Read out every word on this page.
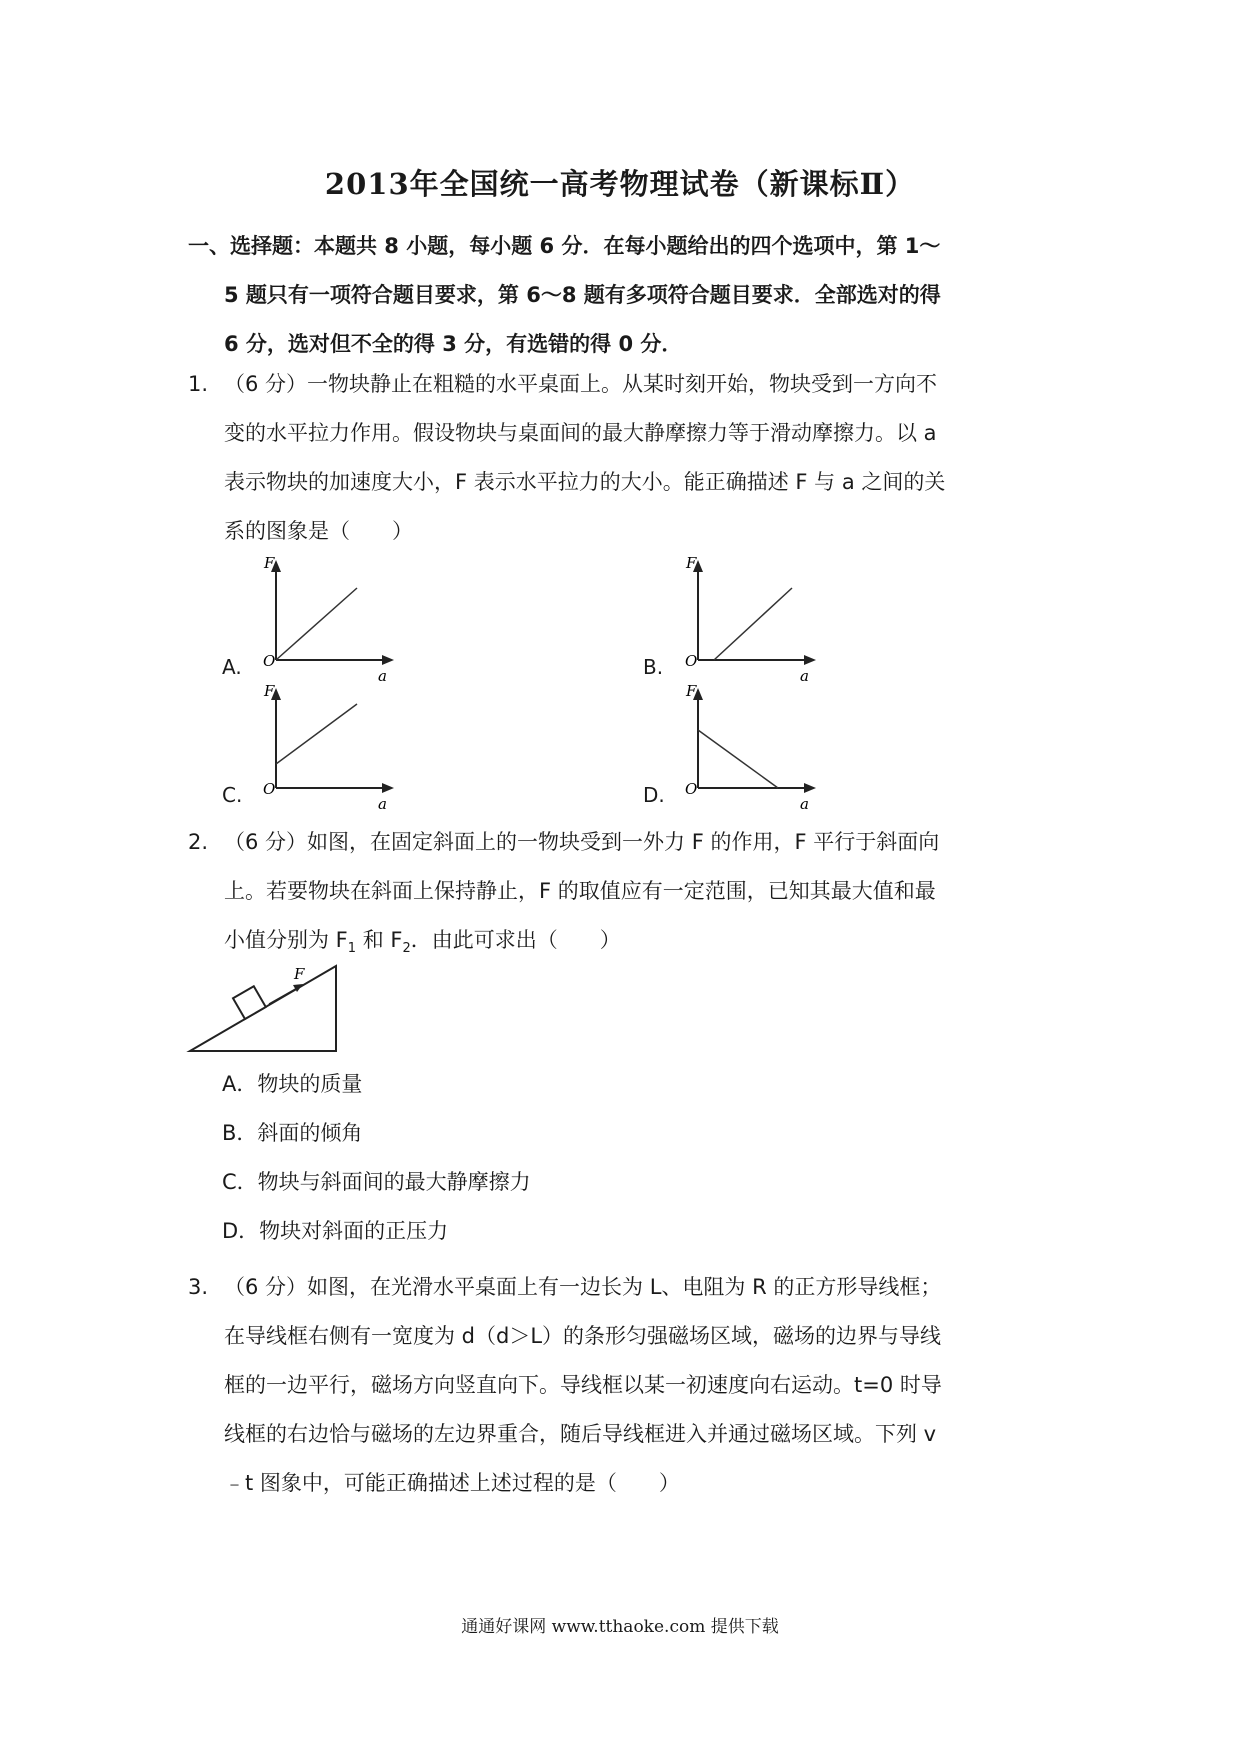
2013年全国统一高考物理试卷（新课标Ⅱ）
一、选择题：本题共 8 小题，每小题 6 分．在每小题给出的四个选项中，第 1～
5 题只有一项符合题目要求，第 6～8 题有多项符合题目要求．全部选对的得
6 分，选对但不全的得 3 分，有选错的得 0 分．
1. （6 分）一物块静止在粗糙的水平桌面上。从某时刻开始，物块受到一方向不
变的水平拉力作用。假设物块与桌面间的最大静摩擦力等于滑动摩擦力。以 a
表示物块的加速度大小，F 表示水平拉力的大小。能正确描述 F 与 a 之间的关
系的图象是（　　）
A.
F
O
a	B.
F
O
a
C.
F
O
a	D.
F
O
a
2. （6 分）如图，在固定斜面上的一物块受到一外力 F 的作用，F 平行于斜面向
上。若要物块在斜面上保持静止，F 的取值应有一定范围，已知其最大值和最
小值分别为 $F_1$ 和 $F_2$．由此可求出（　　）
F
A．物块的质量
B．斜面的倾角
C．物块与斜面间的最大静摩擦力
D．物块对斜面的正压力
3. （6 分）如图，在光滑水平桌面上有一边长为 L、电阻为 R 的正方形导线框；
在导线框右侧有一宽度为 d（d＞L）的条形匀强磁场区域，磁场的边界与导线
框的一边平行，磁场方向竖直向下。导线框以某一初速度向右运动。t=0 时导
线框的右边恰与磁场的左边界重合，随后导线框进入并通过磁场区域。下列 v
﹣t 图象中，可能正确描述上述过程的是（　　）
通通好课网 www.tthaoke.com 提供下载
